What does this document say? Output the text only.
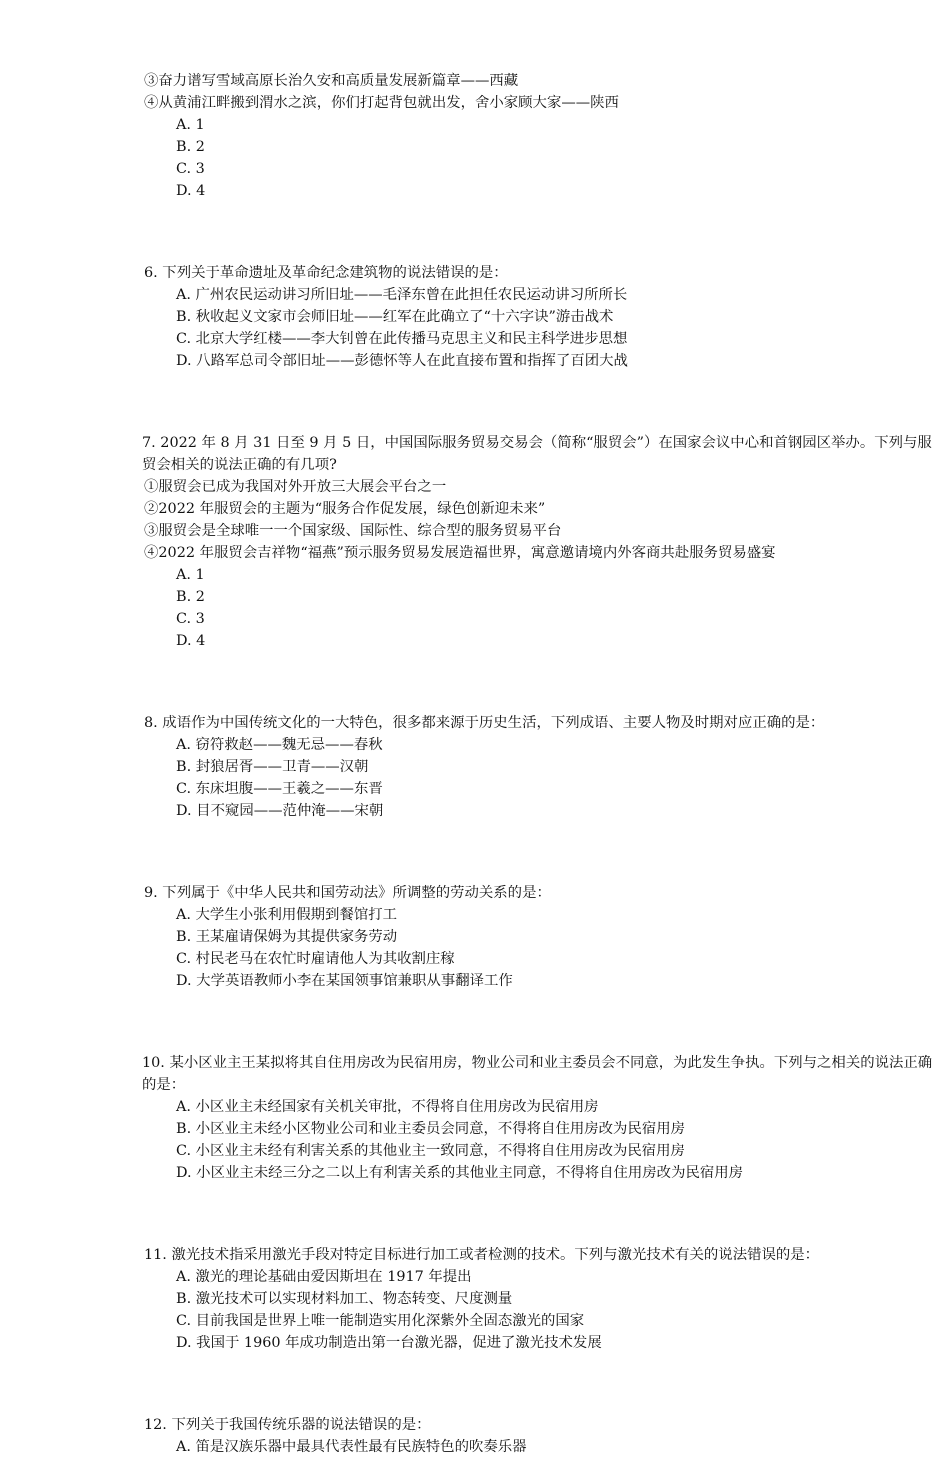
③奋力谱写雪域高原长治久安和高质量发展新篇章——西藏
④从黄浦江畔搬到渭水之滨，你们打起背包就出发，舍小家顾大家——陕西
A. 1
B. 2
C. 3
D. 4
6. 下列关于革命遗址及革命纪念建筑物的说法错误的是：
A. 广州农民运动讲习所旧址——毛泽东曾在此担任农民运动讲习所所长
B. 秋收起义文家市会师旧址——红军在此确立了“十六字诀”游击战术
C. 北京大学红楼——李大钊曾在此传播马克思主义和民主科学进步思想
D. 八路军总司令部旧址——彭德怀等人在此直接布置和指挥了百团大战
7. 2022 年 8 月 31 日至 9 月 5 日，中国国际服务贸易交易会（简称“服贸会”）在国家会议中心和首钢园区举办。下列与服贸会相关的说法正确的有几项?
①服贸会已成为我国对外开放三大展会平台之一
②2022 年服贸会的主题为“服务合作促发展，绿色创新迎未来”
③服贸会是全球唯一一个国家级、国际性、综合型的服务贸易平台
④2022 年服贸会吉祥物“福燕”预示服务贸易发展造福世界，寓意邀请境内外客商共赴服务贸易盛宴
A. 1
B. 2
C. 3
D. 4
8. 成语作为中国传统文化的一大特色，很多都来源于历史生活，下列成语、主要人物及时期对应正确的是：
A. 窃符救赵——魏无忌——春秋
B. 封狼居胥——卫青——汉朝
C. 东床坦腹——王羲之——东晋
D. 目不窥园——范仲淹——宋朝
9. 下列属于《中华人民共和国劳动法》所调整的劳动关系的是：
A. 大学生小张利用假期到餐馆打工
B. 王某雇请保姆为其提供家务劳动
C. 村民老马在农忙时雇请他人为其收割庄稼
D. 大学英语教师小李在某国领事馆兼职从事翻译工作
10. 某小区业主王某拟将其自住用房改为民宿用房，物业公司和业主委员会不同意，为此发生争执。下列与之相关的说法正确的是：
A. 小区业主未经国家有关机关审批，不得将自住用房改为民宿用房
B. 小区业主未经小区物业公司和业主委员会同意，不得将自住用房改为民宿用房
C. 小区业主未经有利害关系的其他业主一致同意，不得将自住用房改为民宿用房
D. 小区业主未经三分之二以上有利害关系的其他业主同意，不得将自住用房改为民宿用房
11. 激光技术指采用激光手段对特定目标进行加工或者检测的技术。下列与激光技术有关的说法错误的是：
A. 激光的理论基础由爱因斯坦在 1917 年提出
B. 激光技术可以实现材料加工、物态转变、尺度测量
C. 目前我国是世界上唯一能制造实用化深紫外全固态激光的国家
D. 我国于 1960 年成功制造出第一台激光器，促进了激光技术发展
12. 下列关于我国传统乐器的说法错误的是：
A. 笛是汉族乐器中最具代表性最有民族特色的吹奏乐器
